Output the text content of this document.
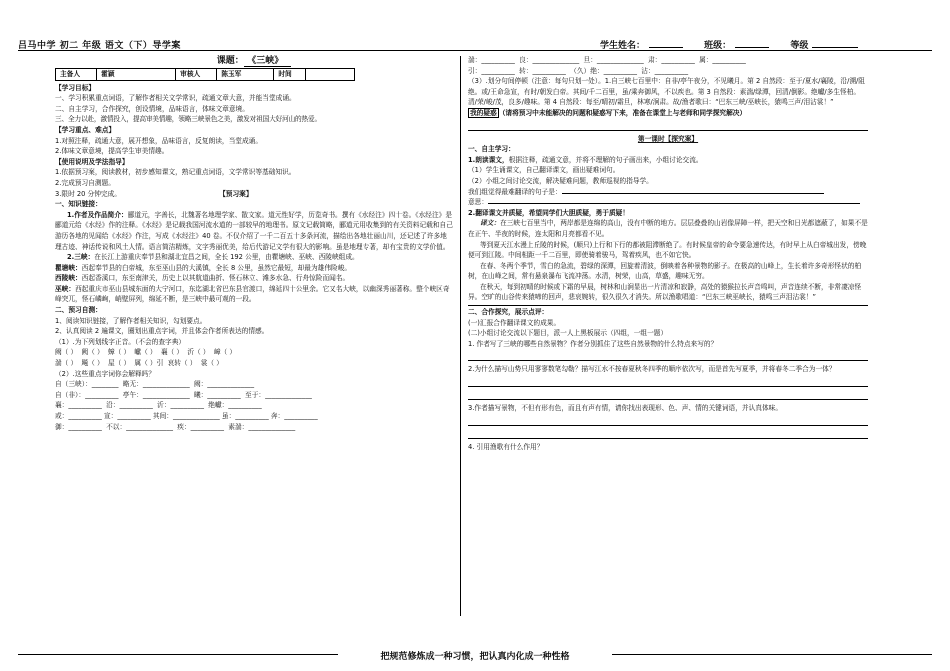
吕马中学 初二 年级 语文（下）导学案	学生姓名：	班级：	等级
课题： 《三峡》
主备人	霍颖	审核人	陈玉军	时间	
【学习目标】
一、学习积累重点词语，了解作者相关文学常识，疏通文章大意，并能当堂成诵。
二、自主学习，合作探究，创设情境，品味语言，体味文章意境。
三、全力以赴，激情投入，提高审美情趣，领略三峡景色之美，激发对祖国大好河山的热爱。
【学习重点、难点】
1.对照注释，疏通大意，展开想象，品味语言，反复朗读，当堂成诵。
2.体味文章意境，提高学生审美情趣。
【使用说明及学法指导】
1.依据预习案，阅读教材，初步感知课文，熟记重点词语，文学常识等基础知识。
2.完成预习自测题。
3.限时 20 分钟完成。	【预习案】
一、知识链接：
1.作者及作品简介：郦道元，字善长，北魏著名地理学家、散文家。道元性好学，历览奇书。撰有《水经注》四十卷。《水经注》是郦道元给《水经》作的注释。《水经》是记载我国河流水道的一部较早的地理书。原文记载简略，郦道元用收集到的有关资料记载和自己游历各地的见闻给《水经》作注，写成《水经注》40 卷。不仅介绍了一千二百五十多条河流，描绘出各地壮丽山川，还记述了许多地理古迹、神话传说和风土人情。语言简洁精炼，文字秀丽优美，给后代游记文学有很大的影响。虽是地理专著，却有宝贵的文学价值。
2.三峡：在长江上游重庆奉节县和湖北宜昌之间，全长 192 公里，由瞿塘峡、巫峡、西陵峡组成。
瞿塘峡：西起奉节县的白帝城，东至巫山县的大溪镇，全长 8 公里，虽然它最短，却最为雄伟险峻。
西陵峡：西起香溪口，东至南津关，历史上以其航道曲折、怪石林立、滩多水急、行舟惊险而闻名。
巫峡：西起重庆市巫山县城东面的大宁河口，东迄湖北省巴东县官渡口，绵延四十公里余。它又名大峡，以幽深秀丽著称。整个峡区奇峰突兀，怪石嶙峋，峭壁屏列，绵延不断，是三峡中最可观的一段。
二、预习自测：
1、阅读知识链接，了解作者相关知识，勾划要点。
2、认真阅读 2 遍课文，圈划出重点字词，并且体会作者所表达的情感。
（1）.为下列划线字正音。（不会的查字典）
阙（ ） 阙（ ） 蟑（ ） 巘（ ） 襄（ ） 沂（ ） 嶂（ ）
湍（ ） 飚（ ） 屋（ ） 属（ ）引 哀转（ ） 裳（ ）
（2）.这些重点字词你会解释吗？
自（三峡）：________ 略无：______________ 阙：______________
自（非）：__________ 亭午：______________ 曦：__________ 至于：______________
襄：__________ 沿：__________ 沂：__________ 绝巘：__________
或：__________ 宣：__________ 其间：______________ 虽：__________ 奔：__________
御：__________ 不以：______________ 疾：__________ 素湍：______________
湍：__________ 良：______________ 旦：______________ 肃：__________ 属：__________
引：__________ 转：__________ （久）绝：__________ 沾：__________
（3）.划分句间停顿（注意：每句只划一处）。1.自三峡七百里中：自非/亭午夜分，不见曦月。第 2 自然段：至于/夏水/襄陵，沿/溯/阻绝。或/王命急宣，有时/朝发白帝。其间/千二百里，虽/乘奔御风，不以疾也。第 3 自然段：素湍/绿潭，回清/倒影。绝巘/多生怪柏。清/荣/峻/茂，良多/趣味。第 4 自然段：每至/晴初/霜旦，林寒/涧肃。故/渔者歌曰：“巴东三峡/巫峡长，猿鸣三声/泪沾裳！”
我的疑惑 （请将预习中未能解决的问题和疑惑写下来，准备在课堂上与老师和同学探究解决）
第一课时【探究案】
一、自主学习：
1.朗读课文，根据注释，疏通文意，并将不理解的句子画出来，小组讨论交流。
（1）学生诵课文，自己翻译课文，画出疑难词句。
（2）小组之间讨论交流，解决疑难问题，教师巡视的指导学。
我们组觉得最难翻译的句子是：
意思：
2.翻译课文并质疑，希望同学们大胆质疑，勇于质疑！
译文：在三峡七百里当中，两岸都是连绵的高山，没有中断的地方。层层叠叠的山岩像屏障一样，把天空和日光都遮蔽了，如果不是在正午、半夜的时候，连太阳和月亮都看不见。
等到夏天江水漫上丘陵的时候，(顺只)上行和下行的都被阻滞断绝了。有时候皇帝的命令要急速传达，有时早上从白帝城出发，傍晚便可到江陵。中间相距一千二百里，即使骑着骏马，驾着疾风，也不如它快。
在春、冬两个季节，雪白的急流，碧绿的深潭，回旋着清波，倒映着各种景物的影子。在极高的山峰上，生长着许多奇形怪状的柏树，在山峰之间，常有悬泉瀑布飞流冲荡。水清，树荣，山高，草盛，趣味无穷。
在秋天，每到初晴的时候或下霜的早晨，树林和山涧显出一片清凉和寂静，高处的猿猴拉长声音鸣叫，声音连续不断，非常凄凉怪异。空旷的山谷传来猿啼的回声，悲哀婉转，很久很久才消失。所以渔歌唱道：“巴东三峡巫峡长，猿鸣三声泪沾裳！”
二、合作探究，展示点评：
(一)汇报合作翻译课文的成果。
(二)小组讨论交流以下题目，派一人上黑板展示（四组，一组一题）
1. 作者写了三峡的哪些自然景物？作者分别抓住了这些自然景物的什么特点来写的？
2.为什么描写山势只用寥寥数笔勾勒？描写江水不按春夏秋冬四季的顺序依次写，而是首先写夏季，并将春冬二季合为一体？
3.作者描写景物，不但有形有色，而且有声有情，请你找出表现形、色、声、情的关键词语，并认真体味。
4. 引用渔歌有什么作用？
把规范修炼成一种习惯，把认真内化成一种性格
